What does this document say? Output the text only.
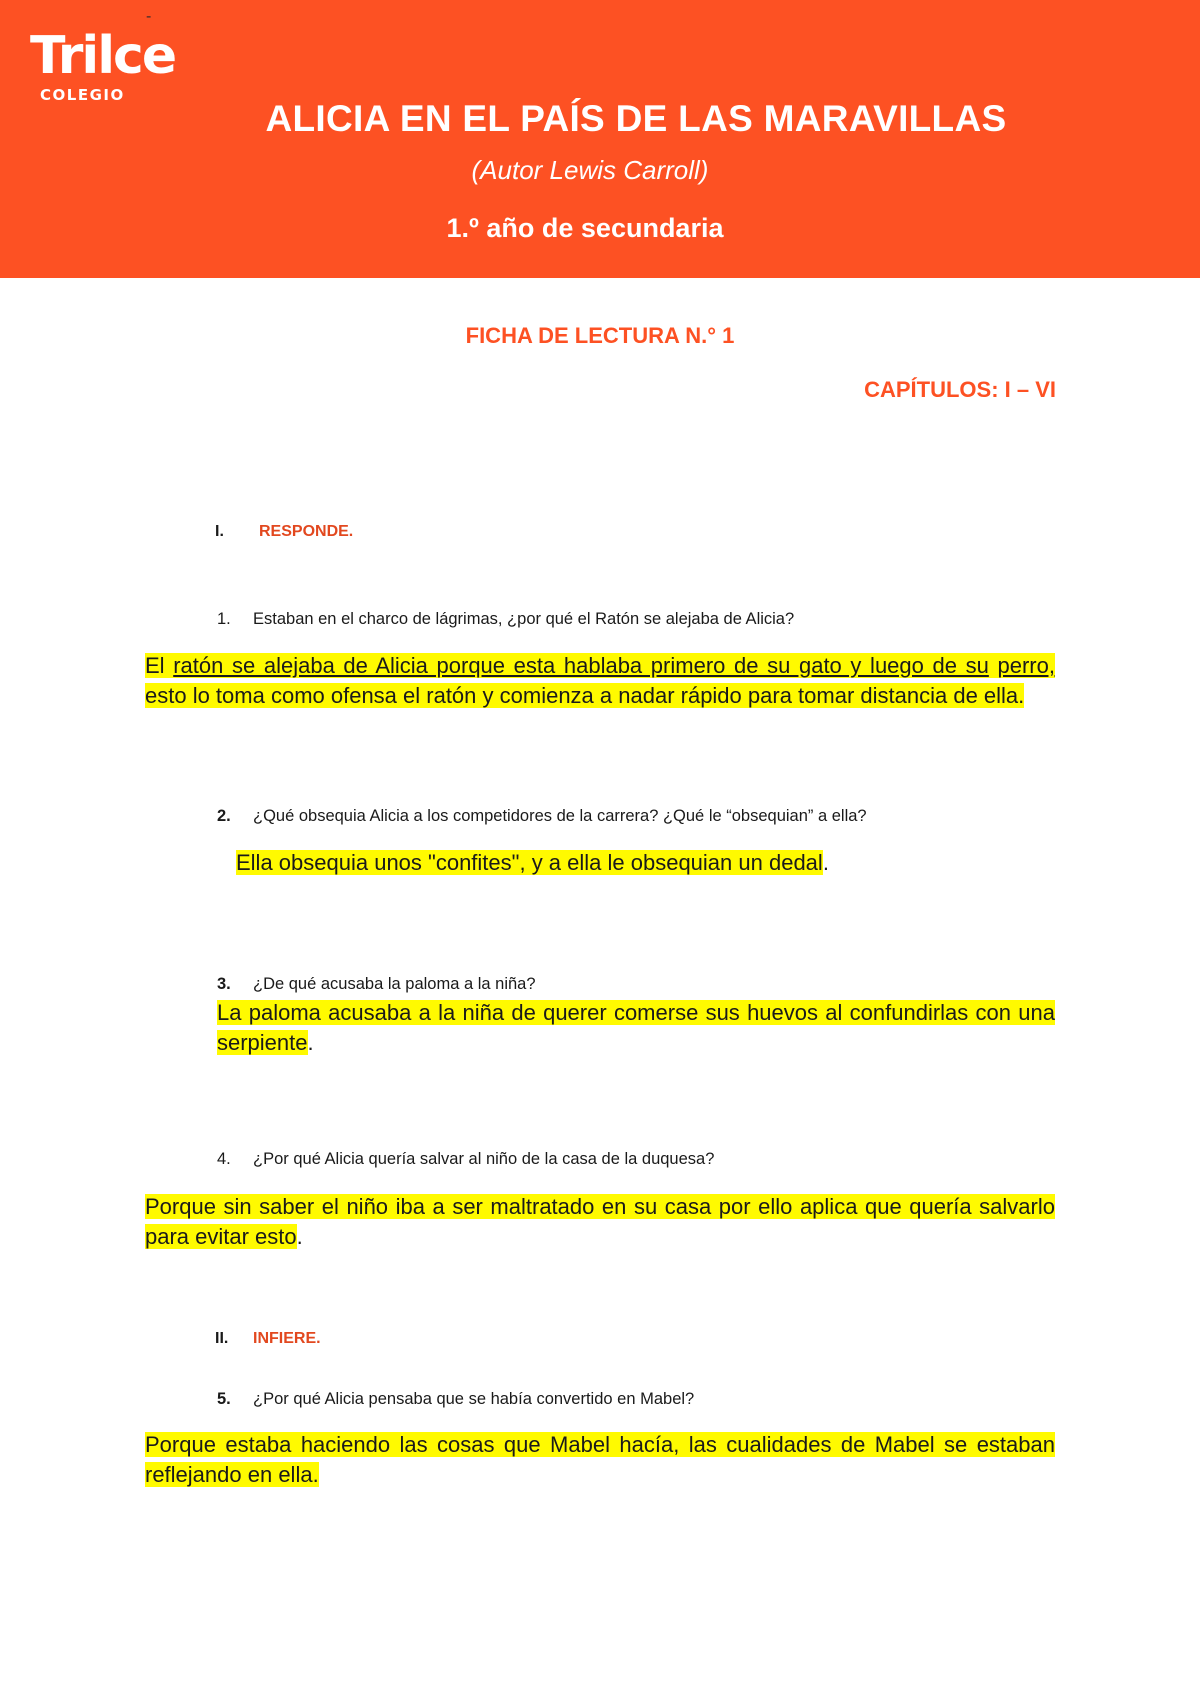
-
Trilce
COLEGIO
ALICIA EN EL PAÍS DE LAS MARAVILLAS
(Autor Lewis Carroll)
1.º año de secundaria
FICHA DE LECTURA N.° 1
CAPÍTULOS: I – VI
I. RESPONDE.
1. Estaban en el charco de lágrimas, ¿por qué el Ratón se alejaba de Alicia?
El ratón se alejaba de Alicia porque esta hablaba primero de su gato y luego de su perro, esto lo toma como ofensa el ratón y comienza a nadar rápido para tomar distancia de ella.
2. ¿Qué obsequia Alicia a los competidores de la carrera? ¿Qué le “obsequian” a ella?
Ella obsequia unos "confites", y a ella le obsequian un dedal.
3. ¿De qué acusaba la paloma a la niña?
La paloma acusaba a la niña de querer comerse sus huevos al confundirlas con una serpiente.
4. ¿Por qué Alicia quería salvar al niño de la casa de la duquesa?
Porque sin saber el niño iba a ser maltratado en su casa por ello aplica que quería salvarlo para evitar esto.
II. INFIERE.
5. ¿Por qué Alicia pensaba que se había convertido en Mabel?
Porque estaba haciendo las cosas que Mabel hacía, las cualidades de Mabel se estaban reflejando en ella.
